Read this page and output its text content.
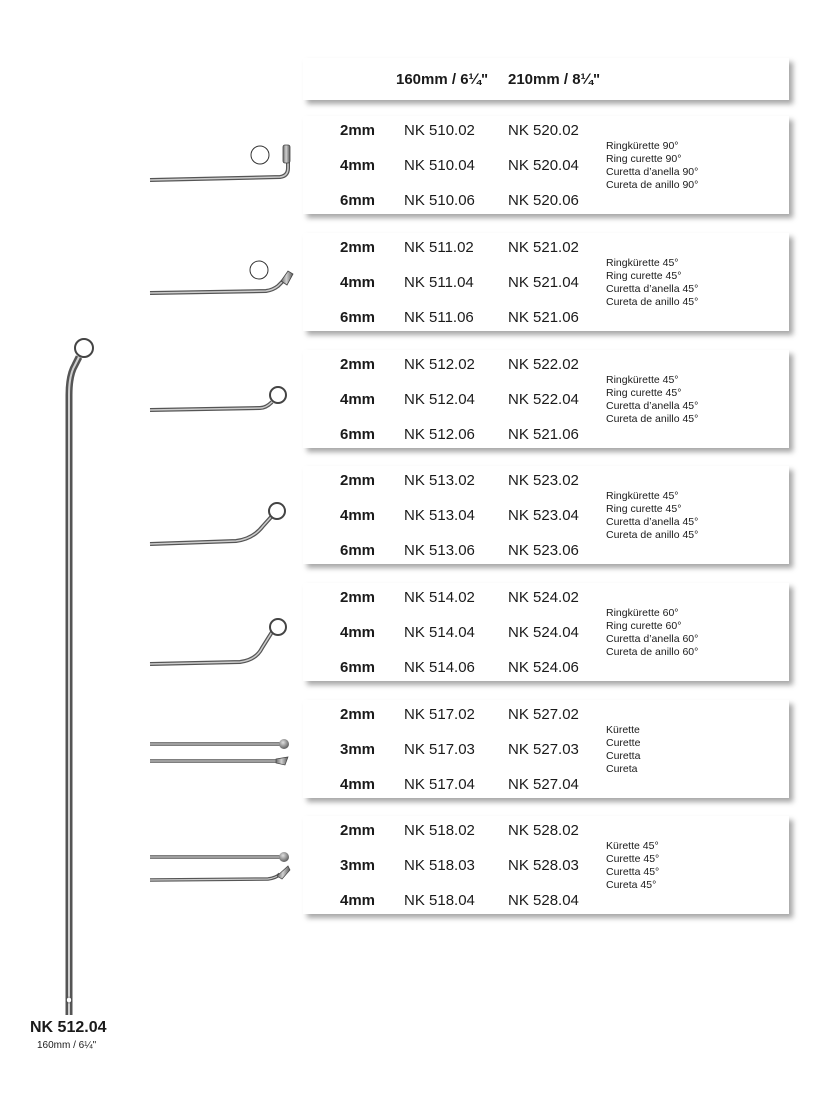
160mm / 6¼" 210mm / 8¼"
2mm NK 510.02 NK 520.02
4mm NK 510.04 NK 520.04
6mm NK 510.06 NK 520.06
Ringkürette 90°
Ring curette 90°
Curetta d’anella 90°
Cureta de anillo 90°
2mm NK 511.02 NK 521.02
4mm NK 511.04 NK 521.04
6mm NK 511.06 NK 521.06
Ringkürette 45°
Ring curette 45°
Curetta d’anella 45°
Cureta de anillo 45°
2mm NK 512.02 NK 522.02
4mm NK 512.04 NK 522.04
6mm NK 512.06 NK 521.06
Ringkürette 45°
Ring curette 45°
Curetta d’anella 45°
Cureta de anillo 45°
2mm NK 513.02 NK 523.02
4mm NK 513.04 NK 523.04
6mm NK 513.06 NK 523.06
Ringkürette 45°
Ring curette 45°
Curetta d’anella 45°
Cureta de anillo 45°
2mm NK 514.02 NK 524.02
4mm NK 514.04 NK 524.04
6mm NK 514.06 NK 524.06
Ringkürette 60°
Ring curette 60°
Curetta d’anella 60°
Cureta de anillo 60°
2mm NK 517.02 NK 527.02
3mm NK 517.03 NK 527.03
4mm NK 517.04 NK 527.04
Kürette
Curette
Curetta
Cureta
2mm NK 518.02 NK 528.02
3mm NK 518.03 NK 528.03
4mm NK 518.04 NK 528.04
Kürette 45°
Curette 45°
Curetta 45°
Cureta 45°
NK 512.04
160mm / 6¼"
